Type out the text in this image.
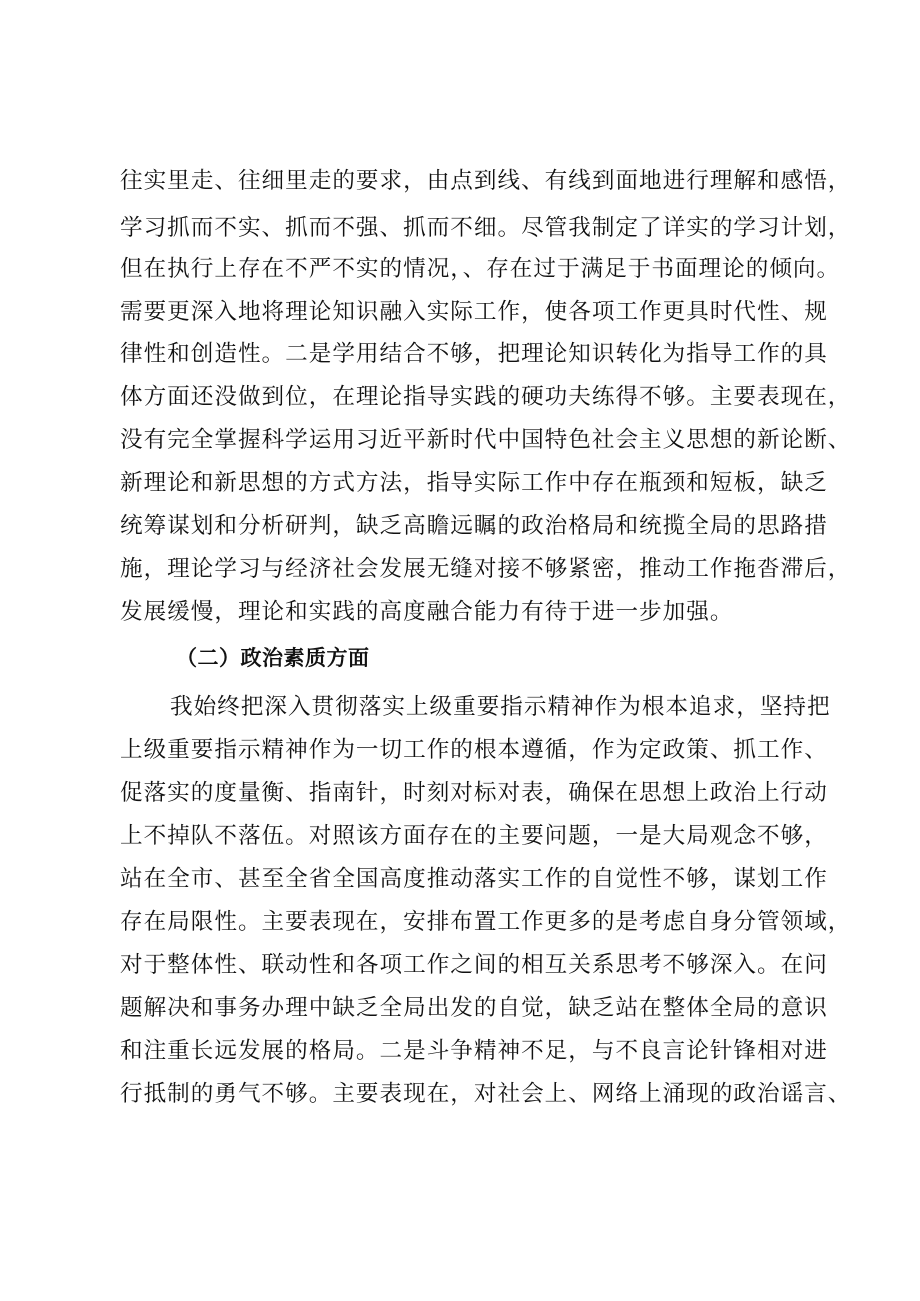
往实里走、往细里走的要求，由点到线、有线到面地进行理解和感悟，
学习抓而不实、抓而不强、抓而不细。尽管我制定了详实的学习计划，
但在执行上存在不严不实的情况，、存在过于满足于书面理论的倾向。
需要更深入地将理论知识融入实际工作，使各项工作更具时代性、规
律性和创造性。二是学用结合不够，把理论知识转化为指导工作的具
体方面还没做到位，在理论指导实践的硬功夫练得不够。主要表现在，
没有完全掌握科学运用习近平新时代中国特色社会主义思想的新论断、
新理论和新思想的方式方法，指导实际工作中存在瓶颈和短板，缺乏
统筹谋划和分析研判，缺乏高瞻远瞩的政治格局和统揽全局的思路措
施，理论学习与经济社会发展无缝对接不够紧密，推动工作拖沓滞后，
发展缓慢，理论和实践的高度融合能力有待于进一步加强。
（二）政治素质方面
我始终把深入贯彻落实上级重要指示精神作为根本追求，坚持把
上级重要指示精神作为一切工作的根本遵循，作为定政策、抓工作、
促落实的度量衡、指南针，时刻对标对表，确保在思想上政治上行动
上不掉队不落伍。对照该方面存在的主要问题，一是大局观念不够，
站在全市、甚至全省全国高度推动落实工作的自觉性不够，谋划工作
存在局限性。主要表现在，安排布置工作更多的是考虑自身分管领域，
对于整体性、联动性和各项工作之间的相互关系思考不够深入。在问
题解决和事务办理中缺乏全局出发的自觉，缺乏站在整体全局的意识
和注重长远发展的格局。二是斗争精神不足，与不良言论针锋相对进
行抵制的勇气不够。主要表现在，对社会上、网络上涌现的政治谣言、
